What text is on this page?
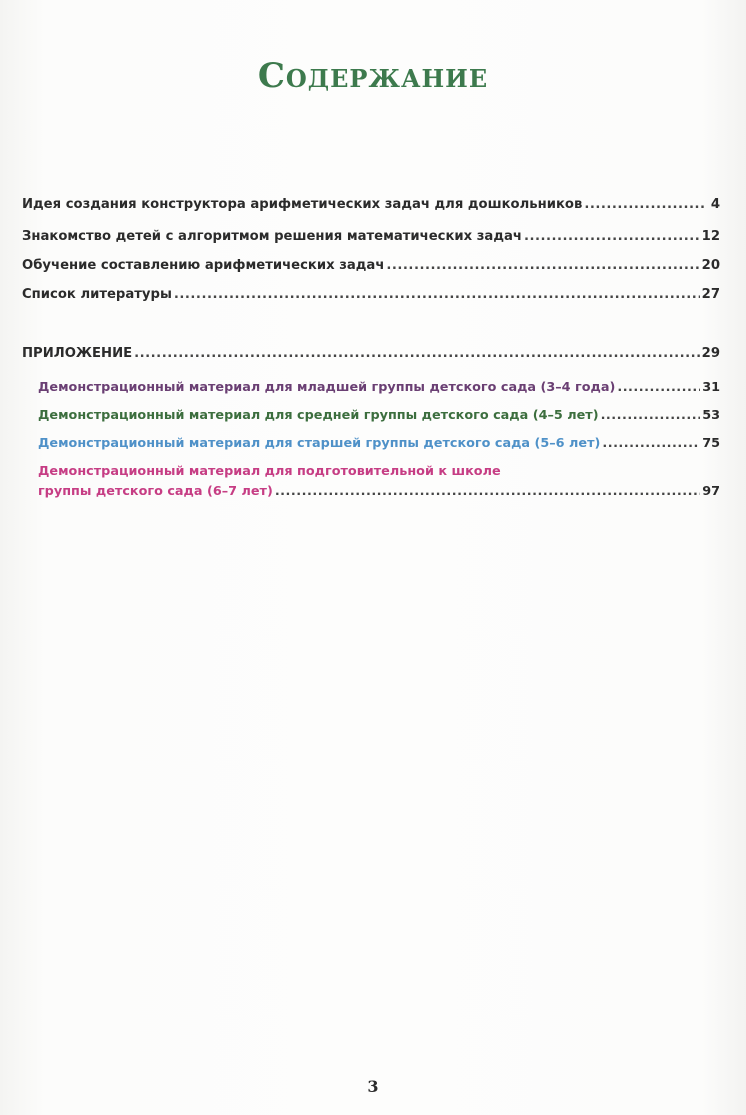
Содержание
Идея создания конструктора арифметических задач для дошкольников .....	4
Знакомство детей с алгоритмом решения математических задач .....	12
Обучение составлению арифметических задач .....	20
Список литературы .....	27
ПРИЛОЖЕНИЕ .....	29
Демонстрационный материал для младшей группы детского сада (3–4 года) .....	31
Демонстрационный материал для средней группы детского сада (4–5 лет) .....	53
Демонстрационный материал для старшей группы детского сада (5–6 лет) .....	75
Демонстрационный материал для подготовительной к школе
группы детского сада (6–7 лет) .....	97
3
